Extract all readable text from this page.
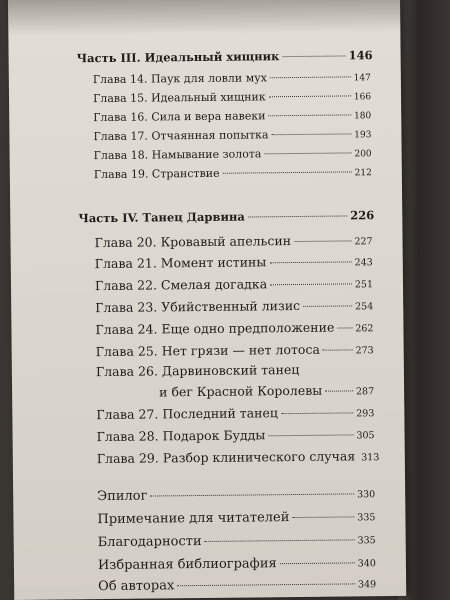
Часть III. Идеальный хищник	146
Глава 14. Паук для ловли мух	147
Глава 15. Идеальный хищник	166
Глава 16. Сила и вера навеки	180
Глава 17. Отчаянная попытка	193
Глава 18. Намывание золота	200
Глава 19. Странствие	212
Часть IV. Танец Дарвина	226
Глава 20. Кровавый апельсин	227
Глава 21. Момент истины	243
Глава 22. Смелая догадка	251
Глава 23. Убийственный лизис	254
Глава 24. Еще одно предположение 262
Глава 25. Нет грязи — нет лотоса	273
Глава 26. Дарвиновский танец
и бег Красной Королевы	287
Глава 27. Последний танец	293
Глава 28. Подарок Будды	305
Глава 29. Разбор клинического случая 313
Эпилог	330
Примечание для читателей	335
Благодарности	335
Избранная библиография	340
Об авторах	349
